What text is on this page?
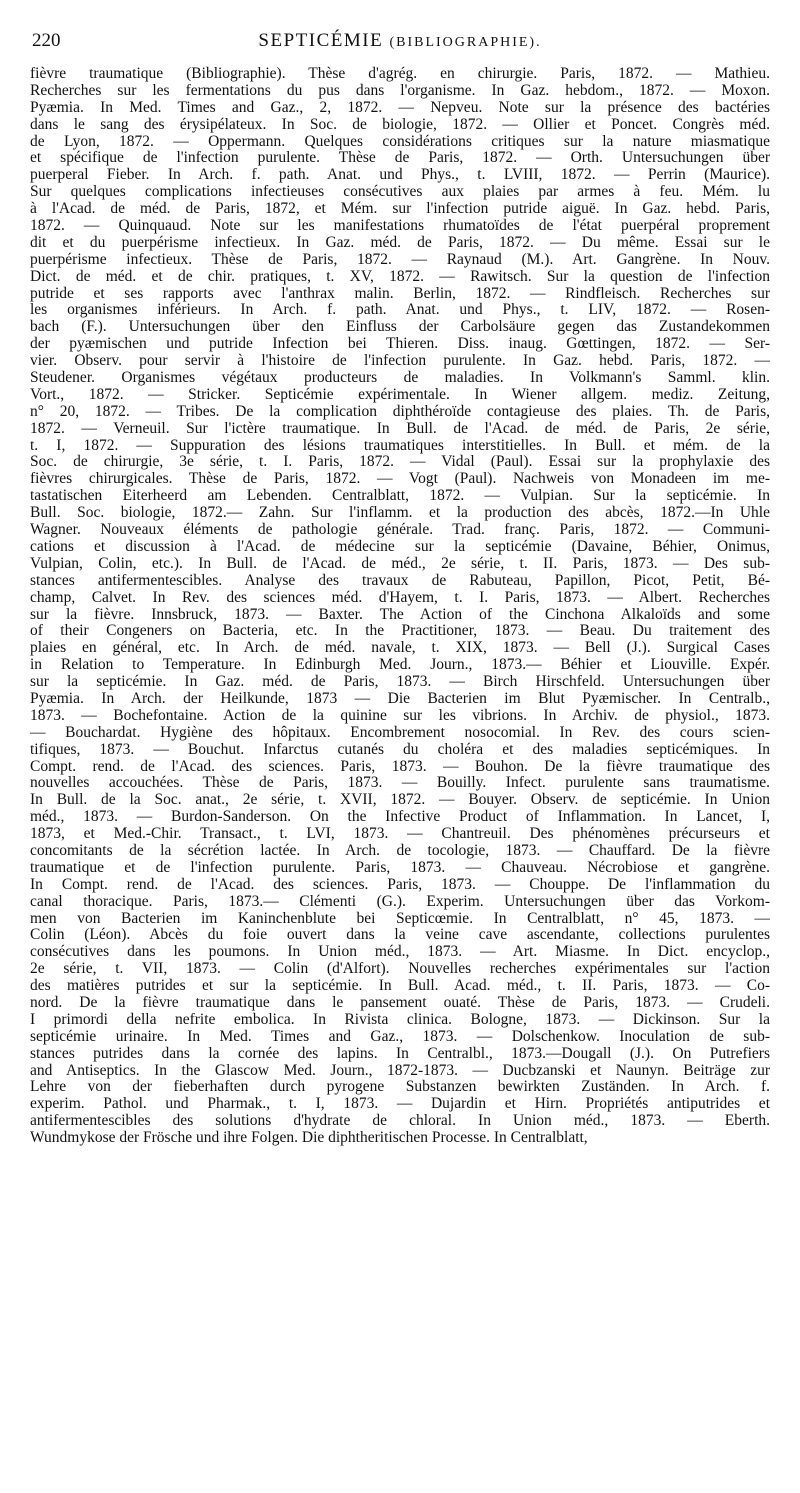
220	SEPTICÉMIE (BIBLIOGRAPHIE).
fièvre traumatique (Bibliographie). Thèse d'agrég. en chirurgie. Paris, 1872. — Mathieu.
Recherches sur les fermentations du pus dans l'organisme. In Gaz. hebdom., 1872. — Moxon.
Pyæmia. In Med. Times and Gaz., 2, 1872. — Nepveu. Note sur la présence des bactéries
dans le sang des érysipélateux. In Soc. de biologie, 1872. — Ollier et Poncet. Congrès méd.
de Lyon, 1872. — Oppermann. Quelques considérations critiques sur la nature miasmatique
et spécifique de l'infection purulente. Thèse de Paris, 1872. — Orth. Untersuchungen über
puerperal Fieber. In Arch. f. path. Anat. und Phys., t. LVIII, 1872. — Perrin (Maurice).
Sur quelques complications infectieuses consécutives aux plaies par armes à feu. Mém. lu
à l'Acad. de méd. de Paris, 1872, et Mém. sur l'infection putride aiguë. In Gaz. hebd. Paris,
1872. — Quinquaud. Note sur les manifestations rhumatoïdes de l'état puerpéral proprement
dit et du puerpérisme infectieux. In Gaz. méd. de Paris, 1872. — Du même. Essai sur le
puerpérisme infectieux. Thèse de Paris, 1872. — Raynaud (M.). Art. Gangrène. In Nouv.
Dict. de méd. et de chir. pratiques, t. XV, 1872. — Rawitsch. Sur la question de l'infection
putride et ses rapports avec l'anthrax malin. Berlin, 1872. — Rindfleisch. Recherches sur
les organismes inférieurs. In Arch. f. path. Anat. und Phys., t. LIV, 1872. — Rosen-
bach (F.). Untersuchungen über den Einfluss der Carbolsäure gegen das Zustandekommen
der pyæmischen und putride Infection bei Thieren. Diss. inaug. Gœttingen, 1872. — Ser-
vier. Observ. pour servir à l'histoire de l'infection purulente. In Gaz. hebd. Paris, 1872. —
Steudener. Organismes végétaux producteurs de maladies. In Volkmann's Samml. klin.
Vort., 1872. — Stricker. Septicémie expérimentale. In Wiener allgem. mediz. Zeitung,
n° 20, 1872. — Tribes. De la complication diphthéroïde contagieuse des plaies. Th. de Paris,
1872. — Verneuil. Sur l'ictère traumatique. In Bull. de l'Acad. de méd. de Paris, 2e série,
t. I, 1872. — Suppuration des lésions traumatiques interstitielles. In Bull. et mém. de la
Soc. de chirurgie, 3e série, t. I. Paris, 1872. — Vidal (Paul). Essai sur la prophylaxie des
fièvres chirurgicales. Thèse de Paris, 1872. — Vogt (Paul). Nachweis von Monadeen im me-
tastatischen Eiterheerd am Lebenden. Centralblatt, 1872. — Vulpian. Sur la septicémie. In
Bull. Soc. biologie, 1872.— Zahn. Sur l'inflamm. et la production des abcès, 1872.—In Uhle
Wagner. Nouveaux éléments de pathologie générale. Trad. franç. Paris, 1872. — Communi-
cations et discussion à l'Acad. de médecine sur la septicémie (Davaine, Béhier, Onimus,
Vulpian, Colin, etc.). In Bull. de l'Acad. de méd., 2e série, t. II. Paris, 1873. — Des sub-
stances antifermentescibles. Analyse des travaux de Rabuteau, Papillon, Picot, Petit, Bé-
champ, Calvet. In Rev. des sciences méd. d'Hayem, t. I. Paris, 1873. — Albert. Recherches
sur la fièvre. Innsbruck, 1873. — Baxter. The Action of the Cinchona Alkaloïds and some
of their Congeners on Bacteria, etc. In the Practitioner, 1873. — Beau. Du traitement des
plaies en général, etc. In Arch. de méd. navale, t. XIX, 1873. — Bell (J.). Surgical Cases
in Relation to Temperature. In Edinburgh Med. Journ., 1873.— Béhier et Liouville. Expér.
sur la septicémie. In Gaz. méd. de Paris, 1873. — Birch Hirschfeld. Untersuchungen über
Pyæmia. In Arch. der Heilkunde, 1873 — Die Bacterien im Blut Pyæmischer. In Centralb.,
1873. — Bochefontaine. Action de la quinine sur les vibrions. In Archiv. de physiol., 1873.
— Bouchardat. Hygiène des hôpitaux. Encombrement nosocomial. In Rev. des cours scien-
tifiques, 1873. — Bouchut. Infarctus cutanés du choléra et des maladies septicémiques. In
Compt. rend. de l'Acad. des sciences. Paris, 1873. — Bouhon. De la fièvre traumatique des
nouvelles accouchées. Thèse de Paris, 1873. — Bouilly. Infect. purulente sans traumatisme.
In Bull. de la Soc. anat., 2e série, t. XVII, 1872. — Bouyer. Observ. de septicémie. In Union
méd., 1873. — Burdon-Sanderson. On the Infective Product of Inflammation. In Lancet, I,
1873, et Med.-Chir. Transact., t. LVI, 1873. — Chantreuil. Des phénomènes précurseurs et
concomitants de la sécrétion lactée. In Arch. de tocologie, 1873. — Chauffard. De la fièvre
traumatique et de l'infection purulente. Paris, 1873. — Chauveau. Nécrobiose et gangrène.
In Compt. rend. de l'Acad. des sciences. Paris, 1873. — Chouppe. De l'inflammation du
canal thoracique. Paris, 1873.— Clémenti (G.). Experim. Untersuchungen über das Vorkom-
men von Bacterien im Kaninchenblute bei Septicœmie. In Centralblatt, n° 45, 1873. —
Colin (Léon). Abcès du foie ouvert dans la veine cave ascendante, collections purulentes
consécutives dans les poumons. In Union méd., 1873. — Art. Miasme. In Dict. encyclop.,
2e série, t. VII, 1873. — Colin (d'Alfort). Nouvelles recherches expérimentales sur l'action
des matières putrides et sur la septicémie. In Bull. Acad. méd., t. II. Paris, 1873. — Co-
nord. De la fièvre traumatique dans le pansement ouaté. Thèse de Paris, 1873. — Crudeli.
I primordi della nefrite embolica. In Rivista clinica. Bologne, 1873. — Dickinson. Sur la
septicémie urinaire. In Med. Times and Gaz., 1873. — Dolschenkow. Inoculation de sub-
stances putrides dans la cornée des lapins. In Centralbl., 1873.—Dougall (J.). On Putrefiers
and Antiseptics. In the Glascow Med. Journ., 1872-1873. — Ducbzanski et Naunyn. Beiträge zur
Lehre von der fieberhaften durch pyrogene Substanzen bewirkten Zuständen. In Arch. f.
experim. Pathol. und Pharmak., t. I, 1873. — Dujardin et Hirn. Propriétés antiputrides et
antifermentescibles des solutions d'hydrate de chloral. In Union méd., 1873. — Eberth.
Wundmykose der Frösche und ihre Folgen. Die diphtheritischen Processe. In Centralblatt,
